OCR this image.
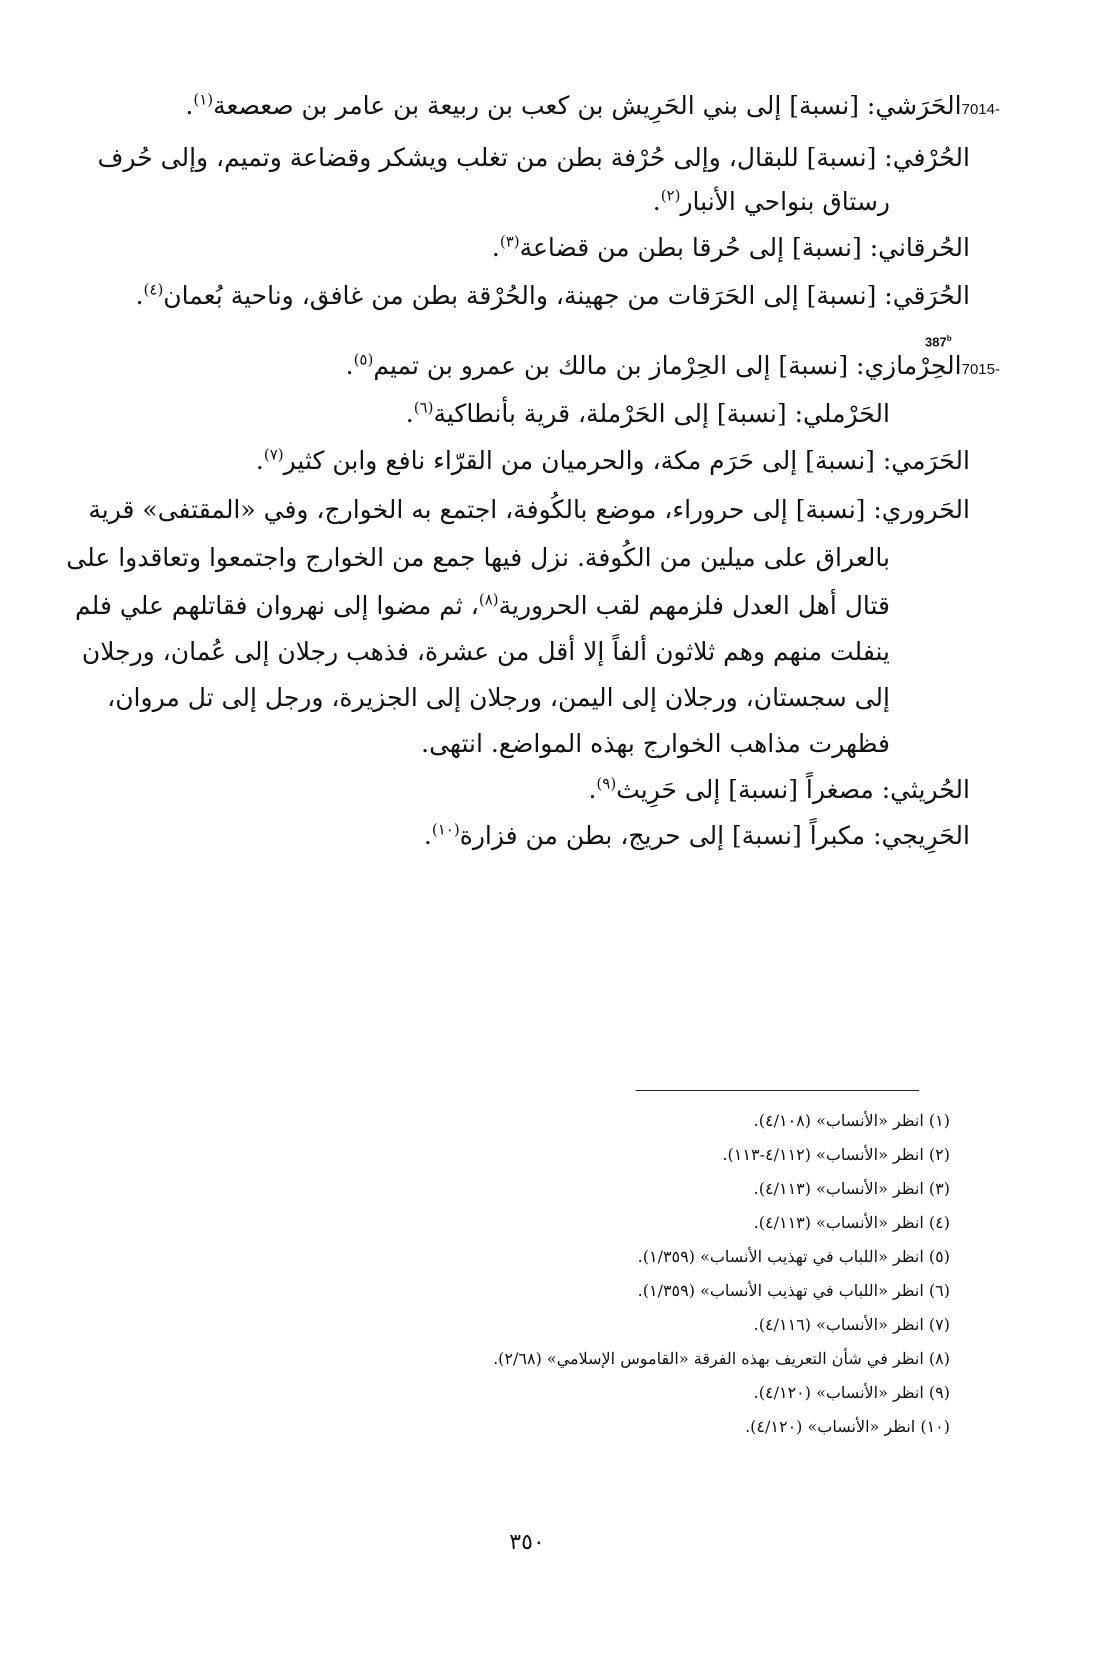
7014-الحَرَشي: [نسبة] إلى بني الحَرِيش بن كعب بن ربيعة بن عامر بن صعصعة$^{(١)}$.
الحُرْفي: [نسبة] للبقال، وإلى حُرْفة بطن من تغلب ويشكر وقضاعة وتميم، وإلى حُرف
رستاق بنواحي الأنبار$^{(٢)}$.
الحُرقاني: [نسبة] إلى حُرقا بطن من قضاعة$^{(٣)}$.
الحُرَقي: [نسبة] إلى الحَرَقات من جهينة، والحُرْقة بطن من غافق، وناحية بُعمان$^{(٤)}$.
7015-الحِرْمازي: [نسبة] إلى الحِرْماز بن مالك بن عمرو بن تميم$^{(٥)}$.
الحَرْملي: [نسبة] إلى الحَرْملة، قرية بأنطاكية$^{(٦)}$.
الحَرَمي: [نسبة] إلى حَرَم مكة، والحرميان من القرّاء نافع وابن كثير$^{(٧)}$.
الحَروري: [نسبة] إلى حروراء، موضع بالكُوفة، اجتمع به الخوارج، وفي «المقتفى» قرية
بالعراق على ميلين من الكُوفة. نزل فيها جمع من الخوارج واجتمعوا وتعاقدوا على
قتال أهل العدل فلزمهم لقب الحرورية$^{(٨)}$، ثم مضوا إلى نهروان فقاتلهم علي فلم
ينفلت منهم وهم ثلاثون ألفاً إلا أقل من عشرة، فذهب رجلان إلى عُمان، ورجلان
إلى سجستان، ورجلان إلى اليمن، ورجلان إلى الجزيرة، ورجل إلى تل مروان،
فظهرت مذاهب الخوارج بهذه المواضع. انتهى.
الحُريثي: مصغراً [نسبة] إلى حَرِيث$^{(٩)}$.
الحَرِيجي: مكبراً [نسبة] إلى حريج، بطن من فزارة$^{(١٠)}$.
387$^b$
(١) انظر «الأنساب» (٤/١٠٨).
(٢) انظر «الأنساب» (٤/١١٢-١١٣).
(٣) انظر «الأنساب» (٤/١١٣).
(٤) انظر «الأنساب» (٤/١١٣).
(٥) انظر «اللباب في تهذيب الأنساب» (١/٣٥٩).
(٦) انظر «اللباب في تهذيب الأنساب» (١/٣٥٩).
(٧) انظر «الأنساب» (٤/١١٦).
(٨) انظر في شأن التعريف بهذه الفرقة «القاموس الإسلامي» (٢/٦٨).
(٩) انظر «الأنساب» (٤/١٢٠).
(١٠) انظر «الأنساب» (٤/١٢٠).
٣٥٠
